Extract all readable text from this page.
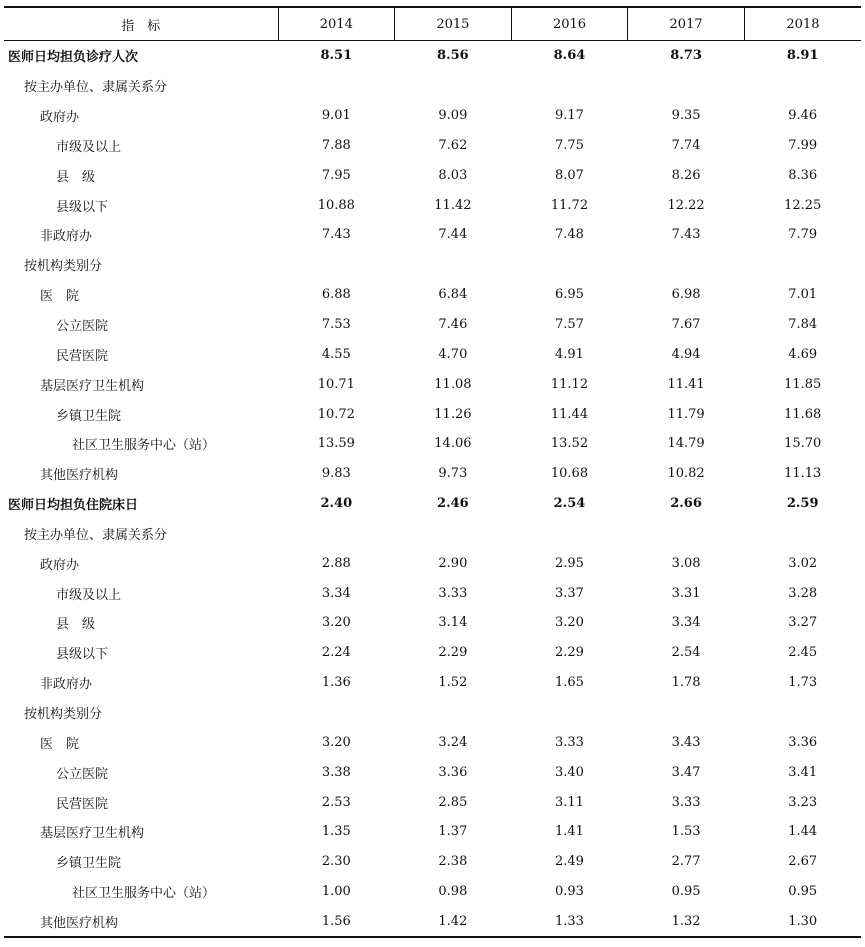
指　标	2014	2015	2016	2017	2018
医师日均担负诊疗人次	8.51	8.56	8.64	8.73	8.91
按主办单位、隶属关系分					
政府办	9.01	9.09	9.17	9.35	9.46
市级及以上	7.88	7.62	7.75	7.74	7.99
县　级	7.95	8.03	8.07	8.26	8.36
县级以下	10.88	11.42	11.72	12.22	12.25
非政府办	7.43	7.44	7.48	7.43	7.79
按机构类别分					
医　院	6.88	6.84	6.95	6.98	7.01
公立医院	7.53	7.46	7.57	7.67	7.84
民营医院	4.55	4.70	4.91	4.94	4.69
基层医疗卫生机构	10.71	11.08	11.12	11.41	11.85
乡镇卫生院	10.72	11.26	11.44	11.79	11.68
社区卫生服务中心（站）	13.59	14.06	13.52	14.79	15.70
其他医疗机构	9.83	9.73	10.68	10.82	11.13
医师日均担负住院床日	2.40	2.46	2.54	2.66	2.59
按主办单位、隶属关系分					
政府办	2.88	2.90	2.95	3.08	3.02
市级及以上	3.34	3.33	3.37	3.31	3.28
县　级	3.20	3.14	3.20	3.34	3.27
县级以下	2.24	2.29	2.29	2.54	2.45
非政府办	1.36	1.52	1.65	1.78	1.73
按机构类别分					
医　院	3.20	3.24	3.33	3.43	3.36
公立医院	3.38	3.36	3.40	3.47	3.41
民营医院	2.53	2.85	3.11	3.33	3.23
基层医疗卫生机构	1.35	1.37	1.41	1.53	1.44
乡镇卫生院	2.30	2.38	2.49	2.77	2.67
社区卫生服务中心（站）	1.00	0.98	0.93	0.95	0.95
其他医疗机构	1.56	1.42	1.33	1.32	1.30
